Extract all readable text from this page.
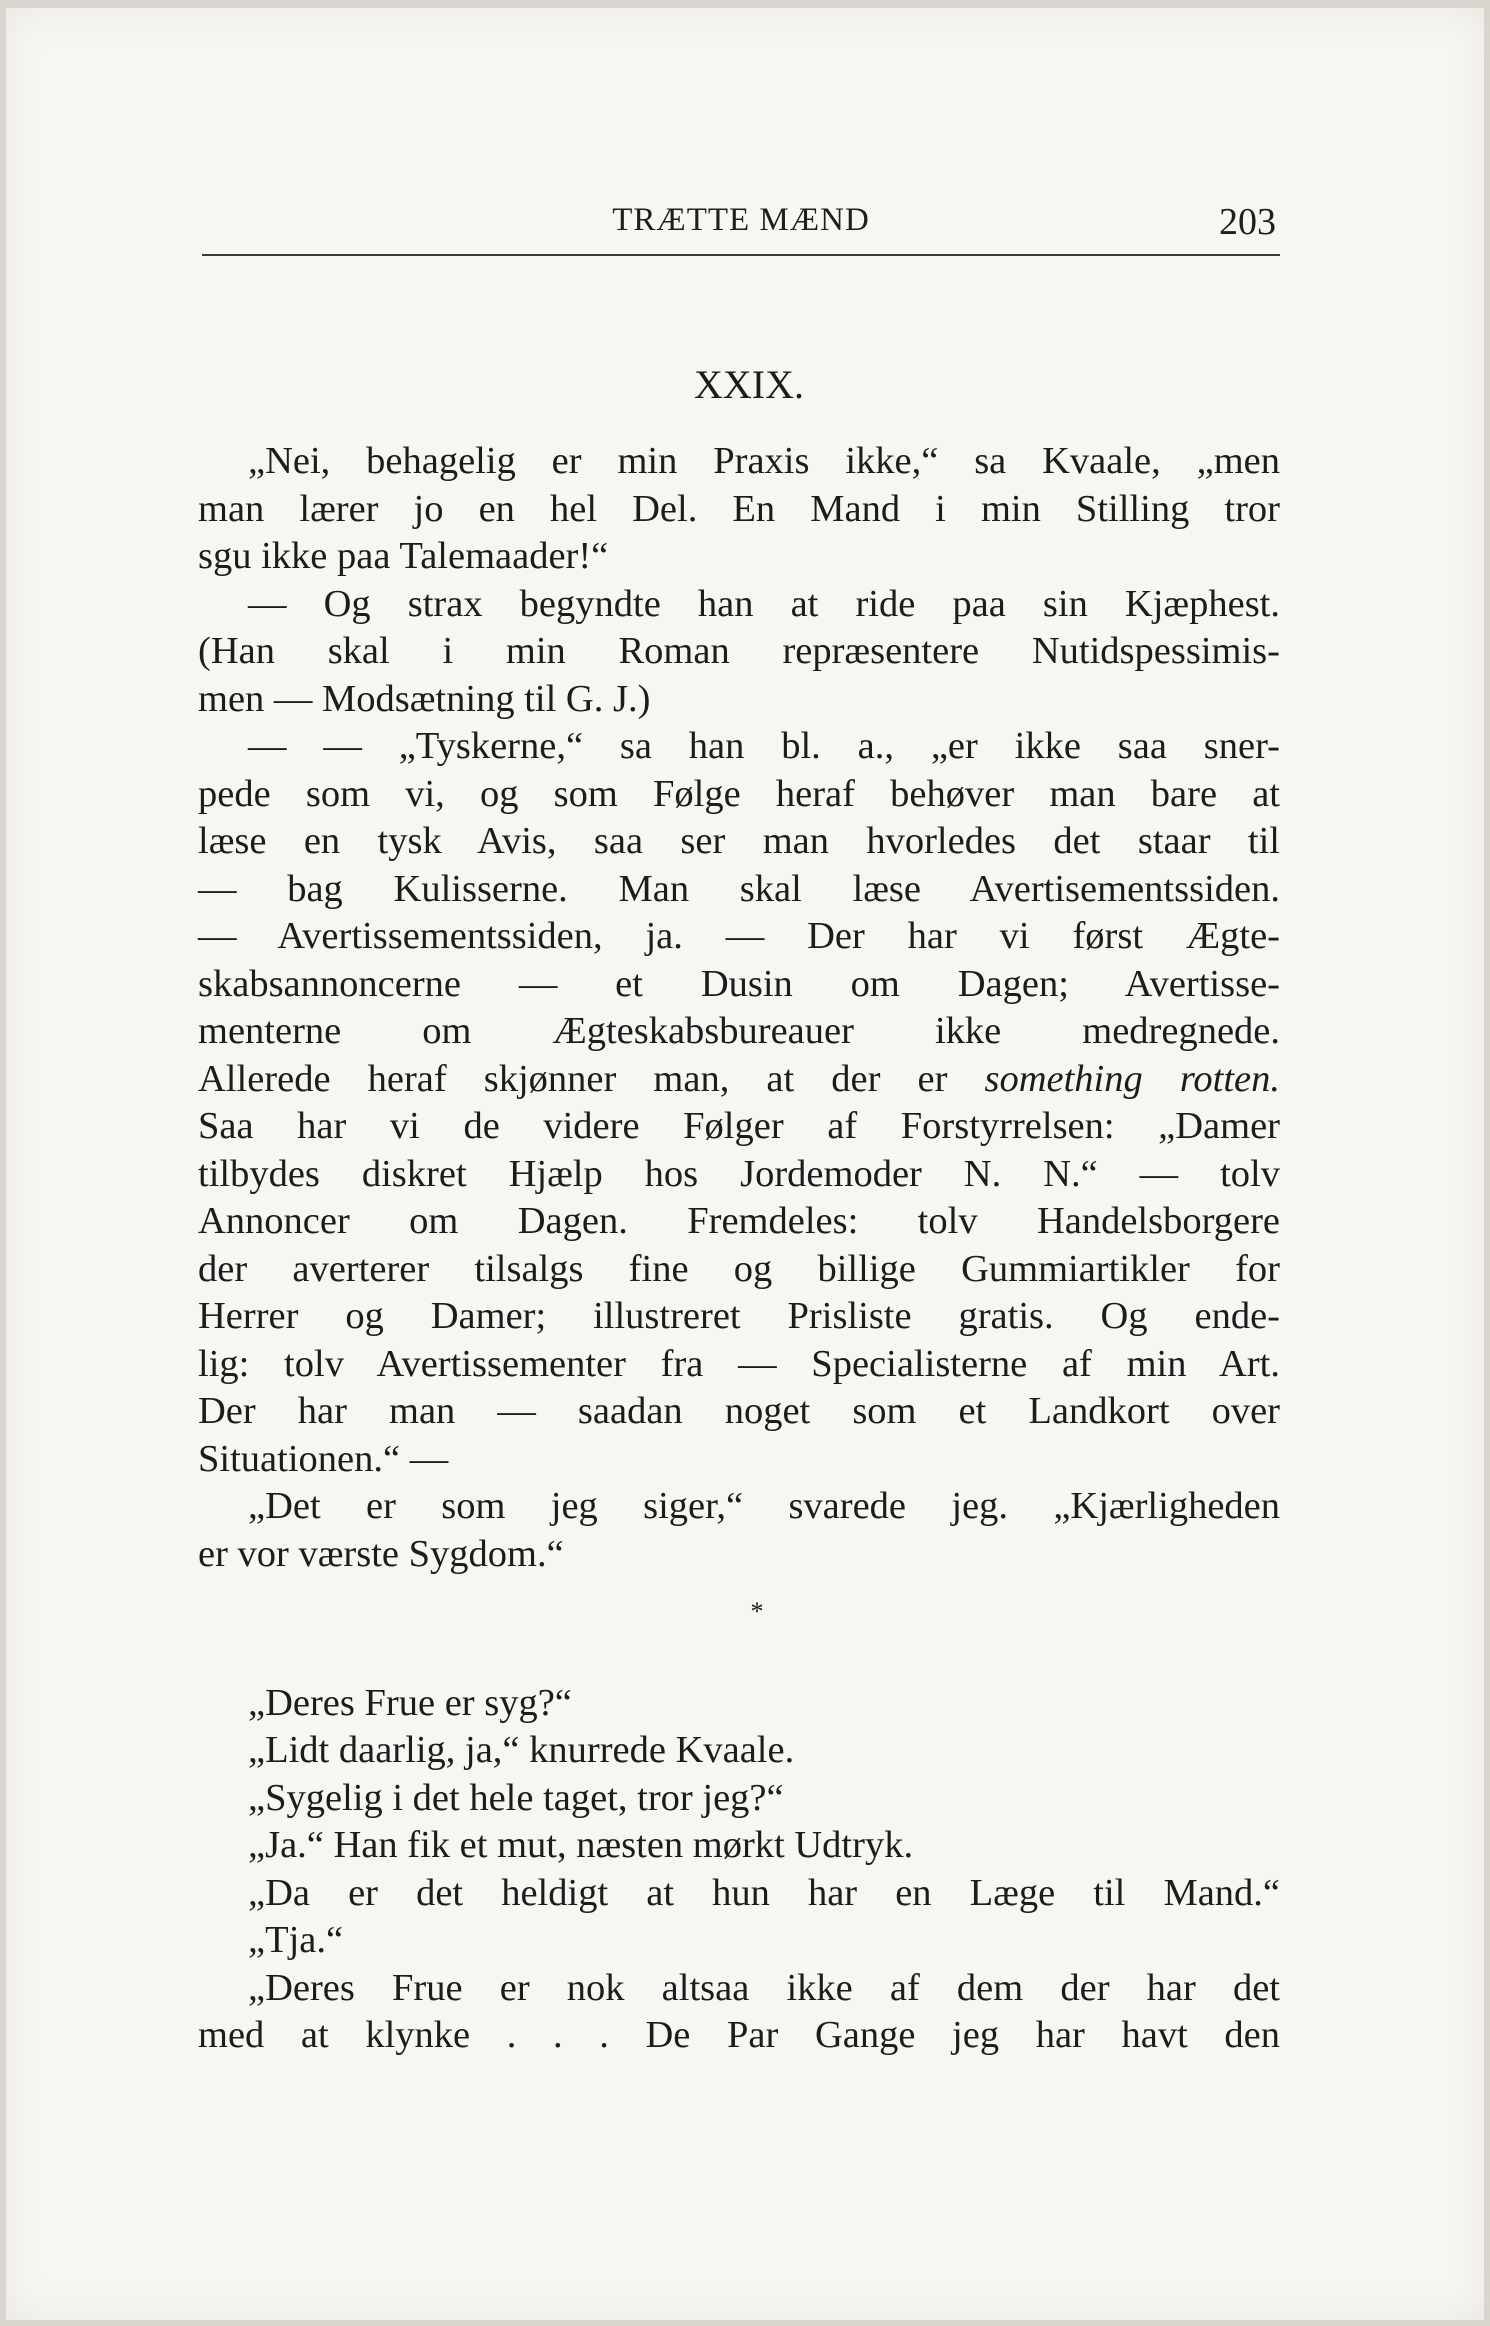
TRÆTTE MÆND	203
XXIX.
„Nei, behagelig er min Praxis ikke,“ sa Kvaale, „men
man lærer jo en hel Del. En Mand i min Stilling tror
sgu ikke paa Talemaader!“
— Og strax begyndte han at ride paa sin Kjæphest.
(Han skal i min Roman repræsentere Nutidspessimis-
men — Modsætning til G. J.)
— — „Tyskerne,“ sa han bl. a., „er ikke saa sner-
pede som vi, og som Følge heraf behøver man bare at
læse en tysk Avis, saa ser man hvorledes det staar til
— bag Kulisserne. Man skal læse Avertisementssiden.
— Avertissementssiden, ja. — Der har vi først Ægte-
skabsannoncerne — et Dusin om Dagen; Avertisse-
menterne om Ægteskabsbureauer ikke medregnede.
Allerede heraf skjønner man, at der er something rotten.
Saa har vi de videre Følger af Forstyrrelsen: „Damer
tilbydes diskret Hjælp hos Jordemoder N. N.“ — tolv
Annoncer om Dagen. Fremdeles: tolv Handelsborgere
der averterer tilsalgs fine og billige Gummiartikler for
Herrer og Damer; illustreret Prisliste gratis. Og ende-
lig: tolv Avertissementer fra — Specialisterne af min Art.
Der har man — saadan noget som et Landkort over
Situationen.“ —
„Det er som jeg siger,“ svarede jeg. „Kjærligheden
er vor værste Sygdom.“
*
„Deres Frue er syg?“
„Lidt daarlig, ja,“ knurrede Kvaale.
„Sygelig i det hele taget, tror jeg?“
„Ja.“ Han fik et mut, næsten mørkt Udtryk.
„Da er det heldigt at hun har en Læge til Mand.“
„Tja.“
„Deres Frue er nok altsaa ikke af dem der har det
med at klynke . . . De Par Gange jeg har havt den
